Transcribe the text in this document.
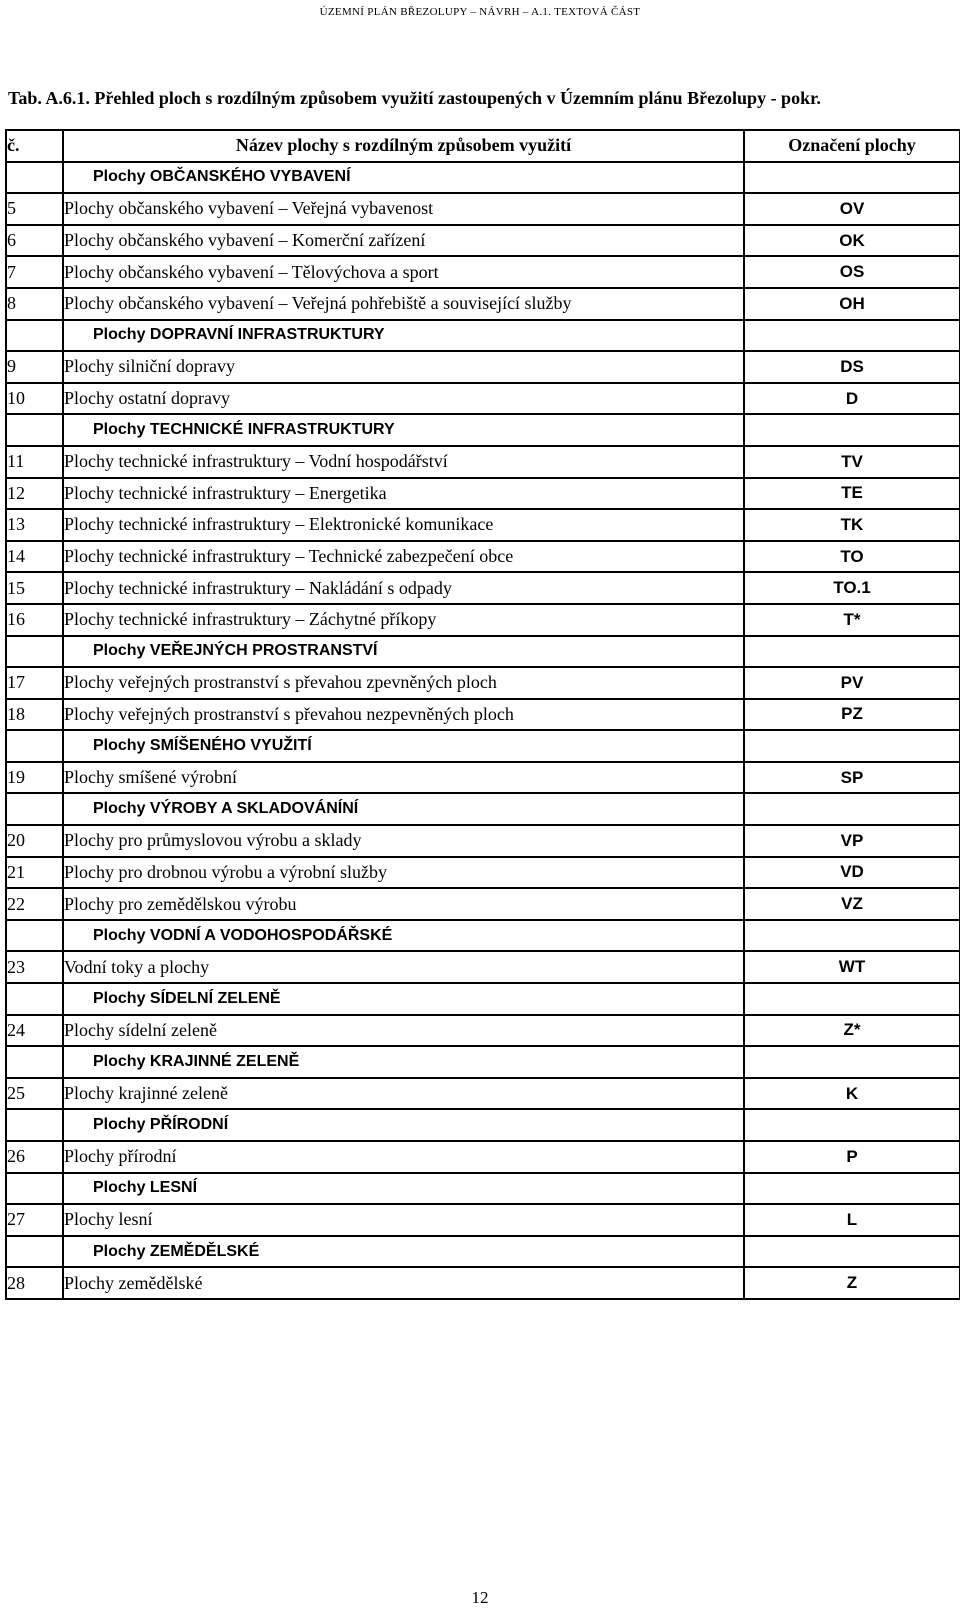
ÚZEMNÍ PLÁN BŘEZOLUPY – NÁVRH – A.1. TEXTOVÁ ČÁST
Tab. A.6.1. Přehled ploch s rozdílným způsobem využití zastoupených v Územním plánu Březolupy - pokr.
č.	Název plochy s rozdílným způsobem využití	Označení plochy
	Plochy OBČANSKÉHO VYBAVENÍ	
5	Plochy občanského vybavení – Veřejná vybavenost	OV
6	Plochy občanského vybavení – Komerční zařízení	OK
7	Plochy občanského vybavení – Tělovýchova a sport	OS
8	Plochy občanského vybavení – Veřejná pohřebiště a související služby	OH
	Plochy DOPRAVNÍ INFRASTRUKTURY	
9	Plochy silniční dopravy	DS
10	Plochy ostatní dopravy	D
	Plochy TECHNICKÉ INFRASTRUKTURY	
11	Plochy technické infrastruktury – Vodní hospodářství	TV
12	Plochy technické infrastruktury – Energetika	TE
13	Plochy technické infrastruktury – Elektronické komunikace	TK
14	Plochy technické infrastruktury – Technické zabezpečení obce	TO
15	Plochy technické infrastruktury – Nakládání s odpady	TO.1
16	Plochy technické infrastruktury – Záchytné příkopy	T*
	Plochy VEŘEJNÝCH PROSTRANSTVÍ	
17	Plochy veřejných prostranství s převahou zpevněných ploch	PV
18	Plochy veřejných prostranství s převahou nezpevněných ploch	PZ
	Plochy SMÍŠENÉHO VYUŽITÍ	
19	Plochy smíšené výrobní	SP
	Plochy VÝROBY A SKLADOVÁNÍNÍ	
20	Plochy pro průmyslovou výrobu a sklady	VP
21	Plochy pro drobnou výrobu a výrobní služby	VD
22	Plochy pro zemědělskou výrobu	VZ
	Plochy VODNÍ A VODOHOSPODÁŘSKÉ	
23	Vodní toky a plochy	WT
	Plochy SÍDELNÍ ZELENĚ	
24	Plochy sídelní zeleně	Z*
	Plochy KRAJINNÉ ZELENĚ	
25	Plochy krajinné zeleně	K
	Plochy PŘÍRODNÍ	
26	Plochy přírodní	P
	Plochy LESNÍ	
27	Plochy lesní	L
	Plochy ZEMĚDĚLSKÉ	
28	Plochy zemědělské	Z
12
